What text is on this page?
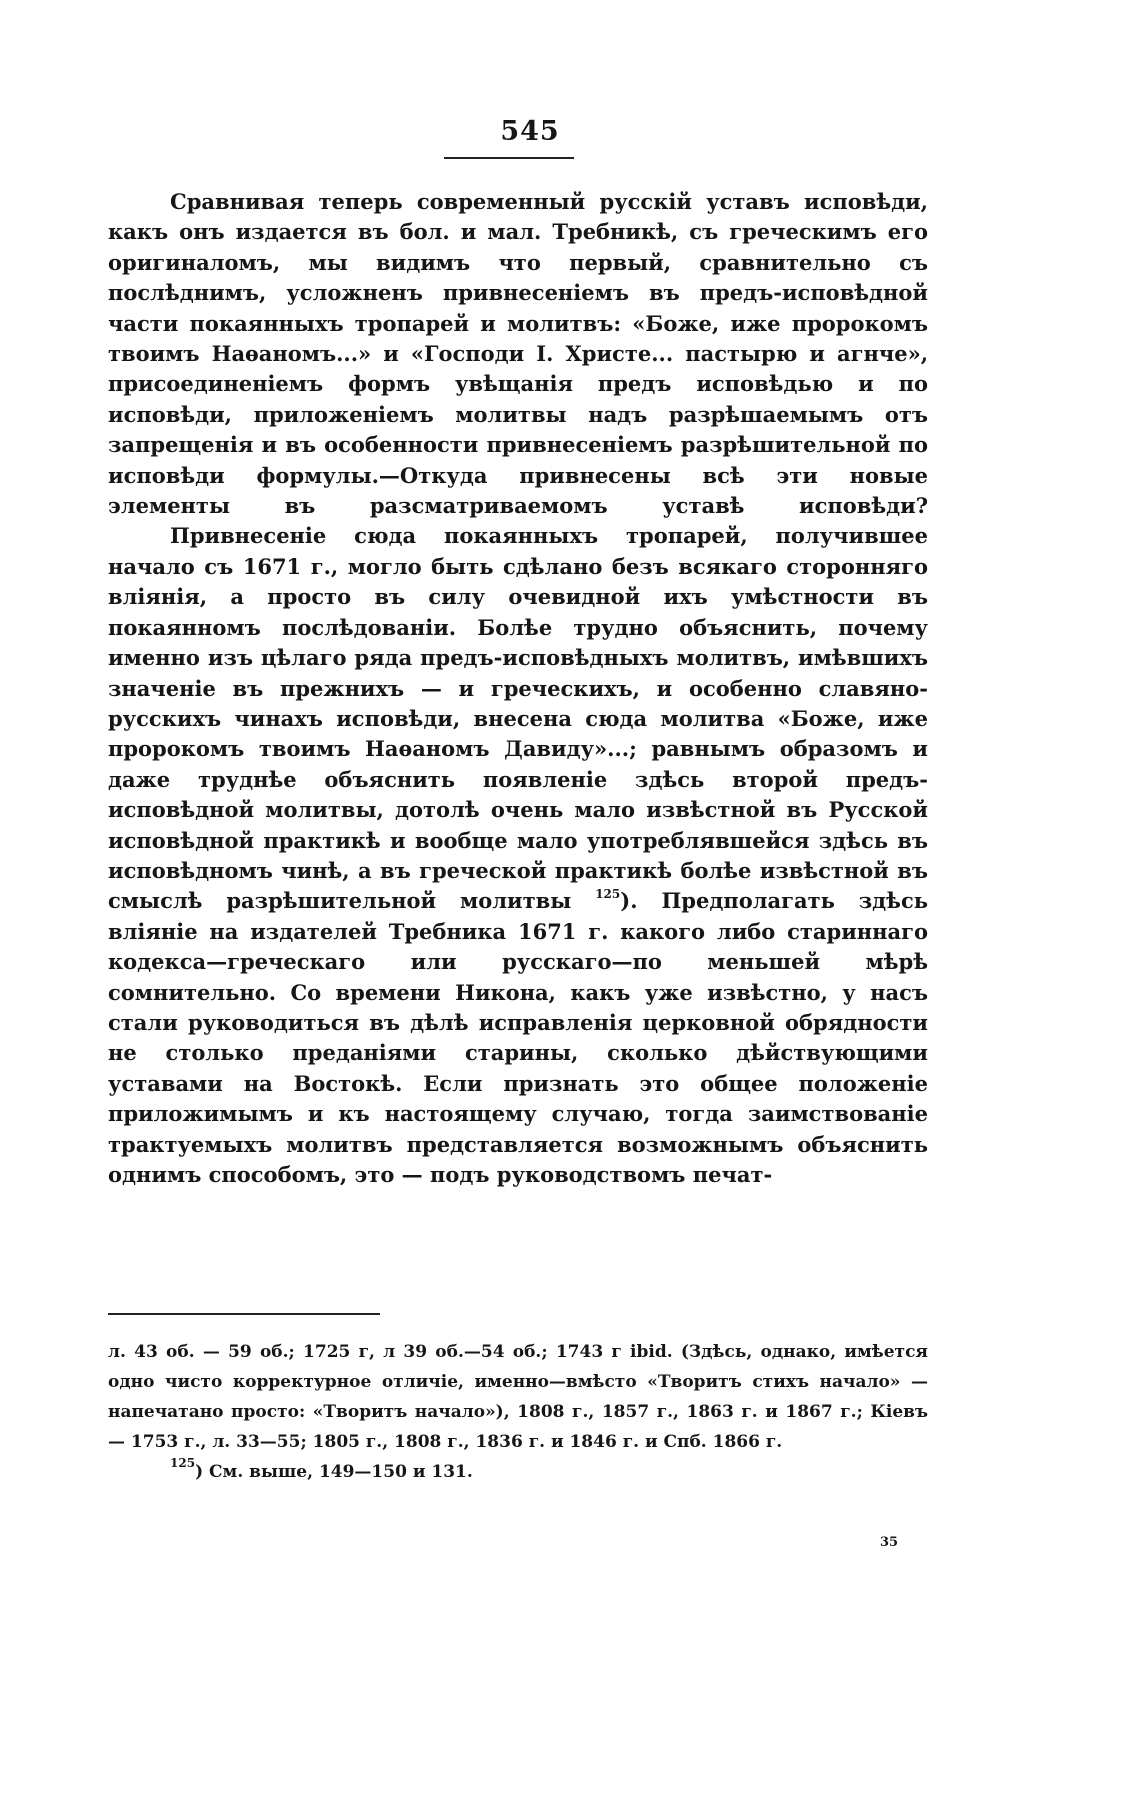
545

Сравнивая теперь современный русскій уставъ исповѣди, какъ онъ издается въ бол. и мал. Требникѣ, съ греческимъ его оригиналомъ, мы видимъ что первый, сравнительно съ послѣднимъ, усложненъ привнесеніемъ въ предъ-исповѣдной части покаянныхъ тропарей и молитвъ: «Боже, иже пророкомъ твоимъ Наѳаномъ...» и «Господи I. Христе... пастырю и агнче», присоединеніемъ формъ увѣщанія предъ исповѣдью и по исповѣди, приложеніемъ молитвы надъ разрѣшаемымъ отъ запрещенія и въ особенности привнесеніемъ разрѣшительной по исповѣди формулы.—Откуда привнесены всѣ эти новые элементы въ разсматриваемомъ уставѣ исповѣди?

Привнесеніе сюда покаянныхъ тропарей, получившее начало съ 1671 г., могло быть сдѣлано безъ всякаго сторонняго вліянія, а просто въ силу очевидной ихъ умѣстности въ покаянномъ послѣдованіи. Болѣе трудно объяснить, почему именно изъ цѣлаго ряда предъ-исповѣдныхъ молитвъ, имѣвшихъ значеніе въ прежнихъ — и греческихъ, и особенно славяно-русскихъ чинахъ исповѣди, внесена сюда молитва «Боже, иже пророкомъ твоимъ Наѳаномъ Давиду»...; равнымъ образомъ и даже труднѣе объяснить появленіе здѣсь второй предъ-исповѣдной молитвы, дотолѣ очень мало извѣстной въ Русской исповѣдной практикѣ и вообще мало употреблявшейся здѣсь въ исповѣдномъ чинѣ, а въ греческой практикѣ болѣе извѣстной въ смыслѣ разрѣшительной молитвы $^{125}$). Предполагать здѣсь вліяніе на издателей Требника 1671 г. какого либо стариннаго кодекса—греческаго или русскаго—по меньшей мѣрѣ сомнительно. Со времени Никона, какъ уже извѣстно, у насъ стали руководиться въ дѣлѣ исправленія церковной обрядности не столько преданіями старины, сколько дѣйствующими уставами на Востокѣ. Если признать это общее положеніе приложимымъ и къ настоящему случаю, тогда заимствованіе трактуемыхъ молитвъ представляется возможнымъ объяснить однимъ способомъ, это — подъ руководствомъ печат-

л. 43 об. — 59 об.; 1725 г, л 39 об.—54 об.; 1743 г ibid. (Здѣсь, однако, имѣется одно чисто корректурное отличіе, именно—вмѣсто «Творитъ стихъ начало» — напечатано просто: «Творитъ начало»), 1808 г., 1857 г., 1863 г. и 1867 г.; Кіевъ — 1753 г., л. 33—55; 1805 г., 1808 г., 1836 г. и 1846 г. и Спб. 1866 г.

$^{125}$) См. выше, 149—150 и 131.

35
